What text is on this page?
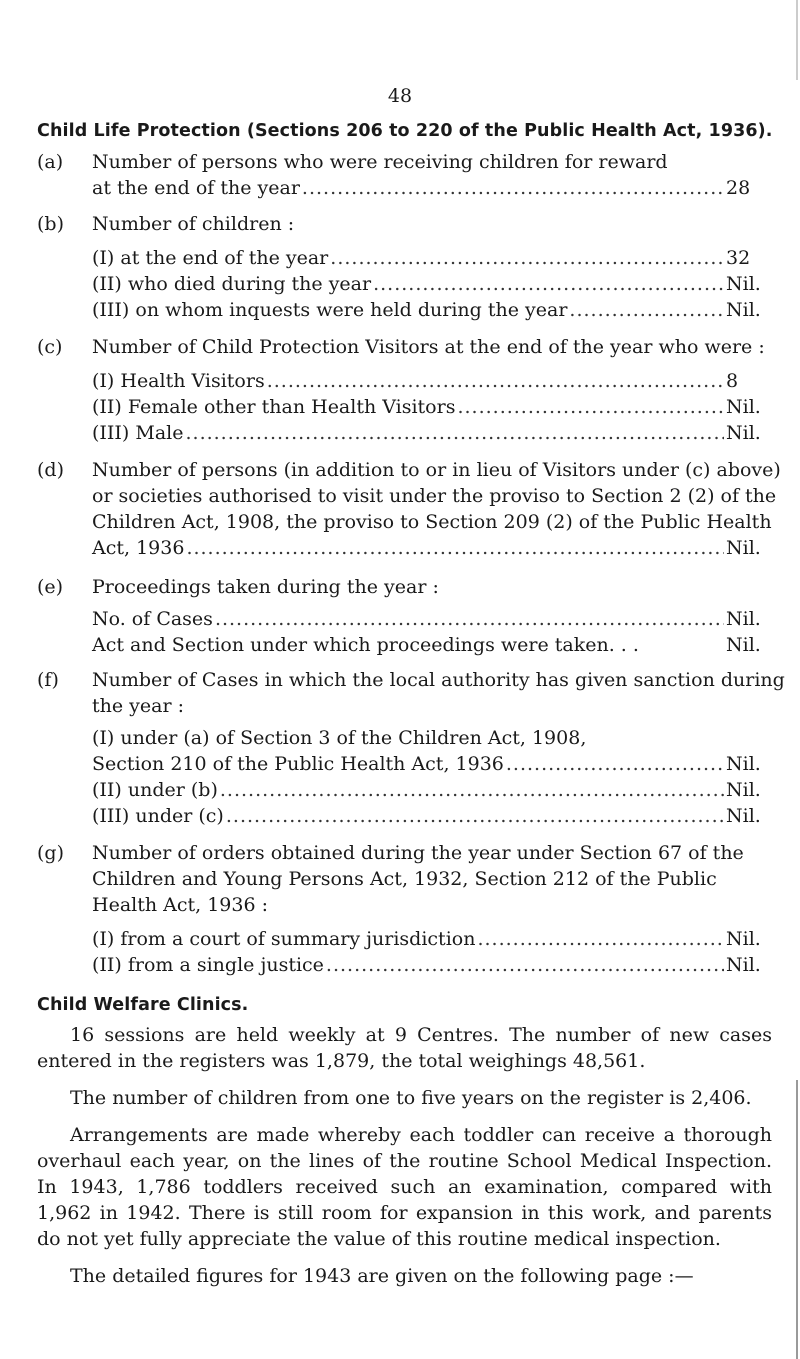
48
Child Life Protection (Sections 206 to 220 of the Public Health Act, 1936).
(a) Number of persons who were receiving children for reward
at the end of the year .....	28
(b) Number of children :
(I) at the end of the year .....	32
(II) who died during the year .....	Nil.
(III) on whom inquests were held during the year .....	Nil.
(c) Number of Child Protection Visitors at the end of the year who were :
(I) Health Visitors .....	8
(II) Female other than Health Visitors .....	Nil.
(III) Male .....	Nil.
(d) Number of persons (in addition to or in lieu of Visitors under (c) above)
or societies authorised to visit under the proviso to Section 2 (2) of the
Children Act, 1908, the proviso to Section 209 (2) of the Public Health
Act, 1936 .....	Nil.
(e) Proceedings taken during the year :
No. of Cases .....	Nil.
Act and Section under which proceedings were taken. . .	Nil.
(f) Number of Cases in which the local authority has given sanction during
the year :
(I) under (a) of Section 3 of the Children Act, 1908,
Section 210 of the Public Health Act, 1936 .....	Nil.
(II) under (b) .....	Nil.
(III) under (c) .....	Nil.
(g) Number of orders obtained during the year under Section 67 of the
Children and Young Persons Act, 1932, Section 212 of the Public
Health Act, 1936 :
(I) from a court of summary jurisdiction .....	Nil.
(II) from a single justice .....	Nil.
Child Welfare Clinics.

16 sessions are held weekly at 9 Centres. The number of new cases entered in the registers was 1,879, the total weighings 48,561.

The number of children from one to five years on the register is 2,406.

Arrangements are made whereby each toddler can receive a thorough overhaul each year, on the lines of the routine School Medical Inspection. In 1943, 1,786 toddlers received such an examination, compared with 1,962 in 1942. There is still room for expansion in this work, and parents do not yet fully appreciate the value of this routine medical inspection.

The detailed figures for 1943 are given on the following page :—
